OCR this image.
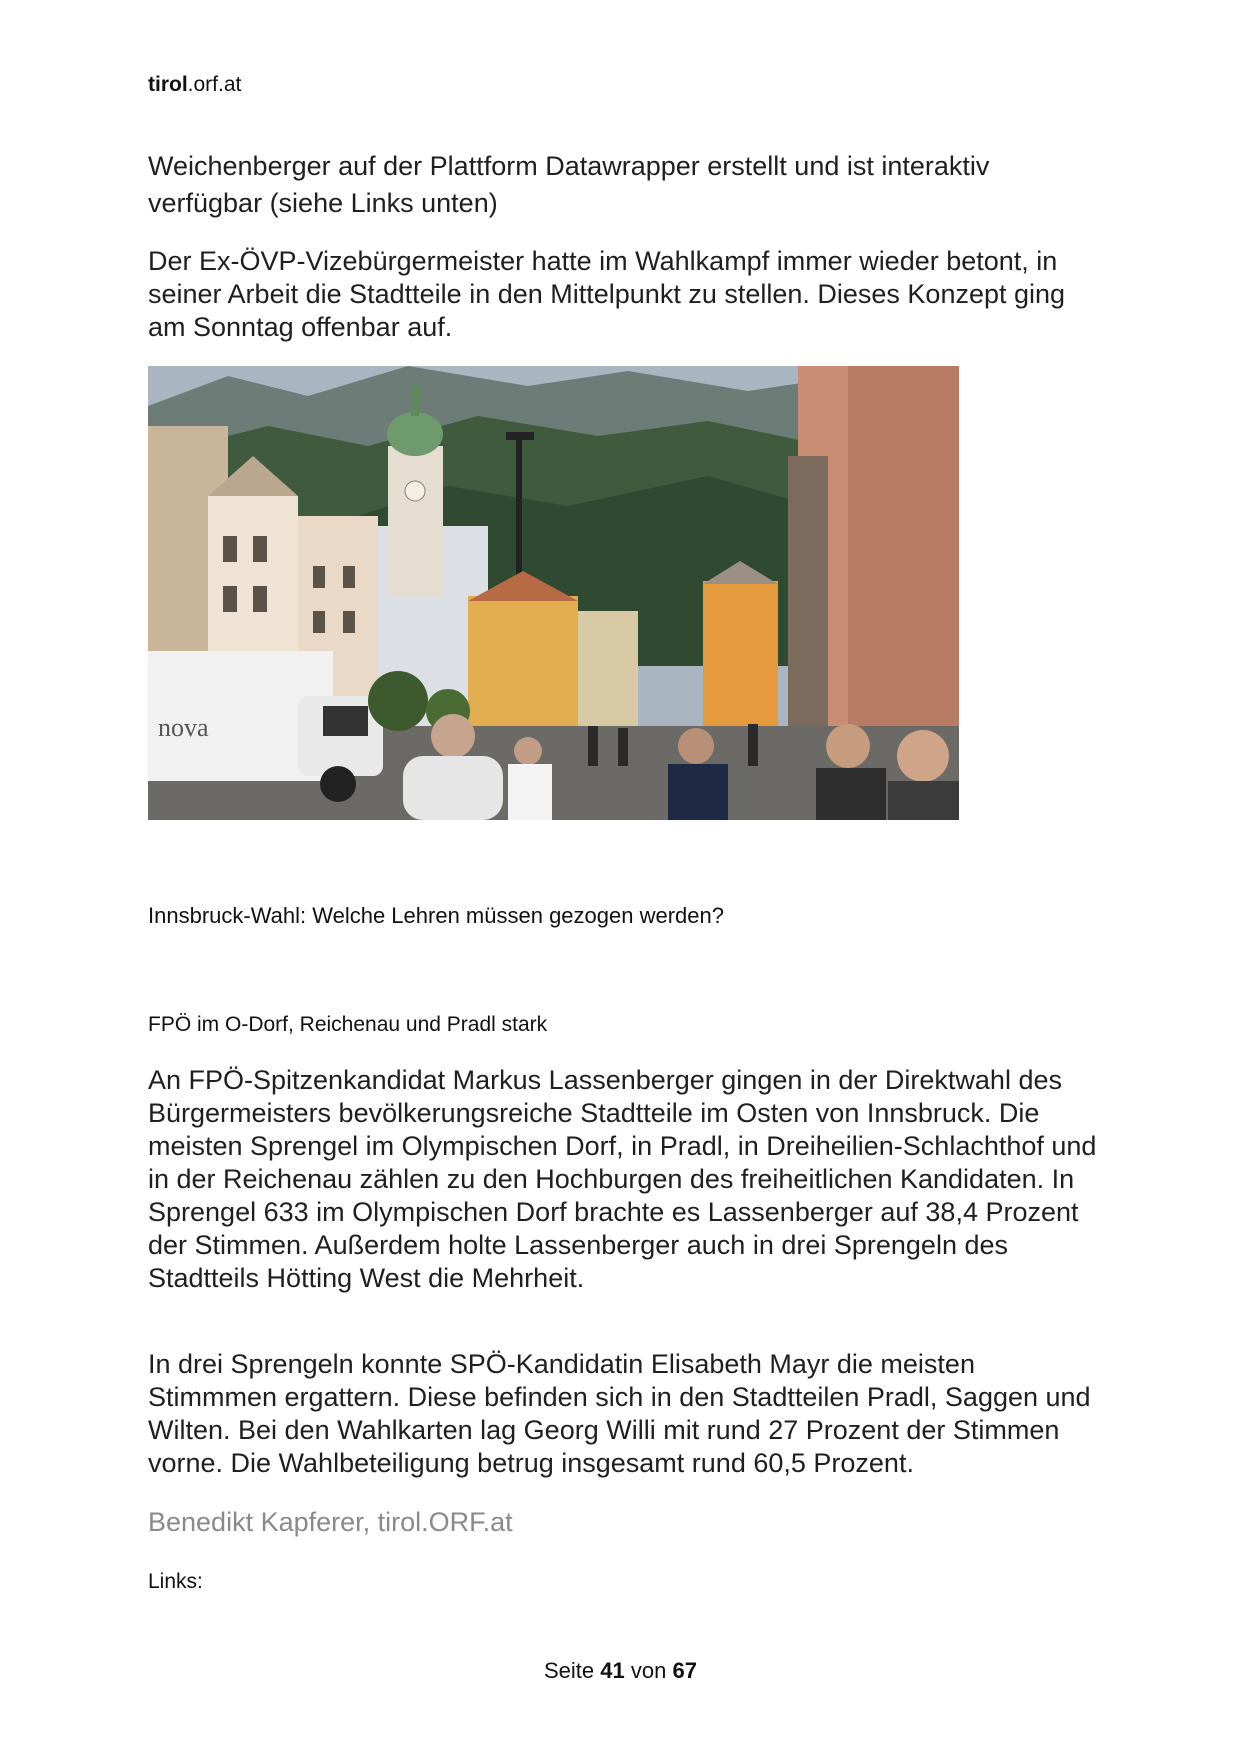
tirol.orf.at

Weichenberger auf der Plattform Datawrapper erstellt und ist interaktiv verfügbar (siehe Links unten)

Der Ex-ÖVP-Vizebürgermeister hatte im Wahlkampf immer wieder betont, in seiner Arbeit die Stadtteile in den Mittelpunkt zu stellen. Dieses Konzept ging am Sonntag offenbar auf.

nova
Innsbruck-Wahl: Welche Lehren müssen gezogen werden?
FPÖ im O-Dorf, Reichenau und Pradl stark

An FPÖ-Spitzenkandidat Markus Lassenberger gingen in der Direktwahl des Bürgermeisters bevölkerungsreiche Stadtteile im Osten von Innsbruck. Die meisten Sprengel im Olympischen Dorf, in Pradl, in Dreiheilien-Schlachthof und in der Reichenau zählen zu den Hochburgen des freiheitlichen Kandidaten. In Sprengel 633 im Olympischen Dorf brachte es Lassenberger auf 38,4 Prozent der Stimmen. Außerdem holte Lassenberger auch in drei Sprengeln des Stadtteils Hötting West die Mehrheit.

In drei Sprengeln konnte SPÖ-Kandidatin Elisabeth Mayr die meisten Stimmmen ergattern. Diese befinden sich in den Stadtteilen Pradl, Saggen und Wilten. Bei den Wahlkarten lag Georg Willi mit rund 27 Prozent der Stimmen vorne. Die Wahlbeteiligung betrug insgesamt rund 60,5 Prozent.

Benedikt Kapferer, tirol.ORF.at
Links:
Seite 41 von 67
